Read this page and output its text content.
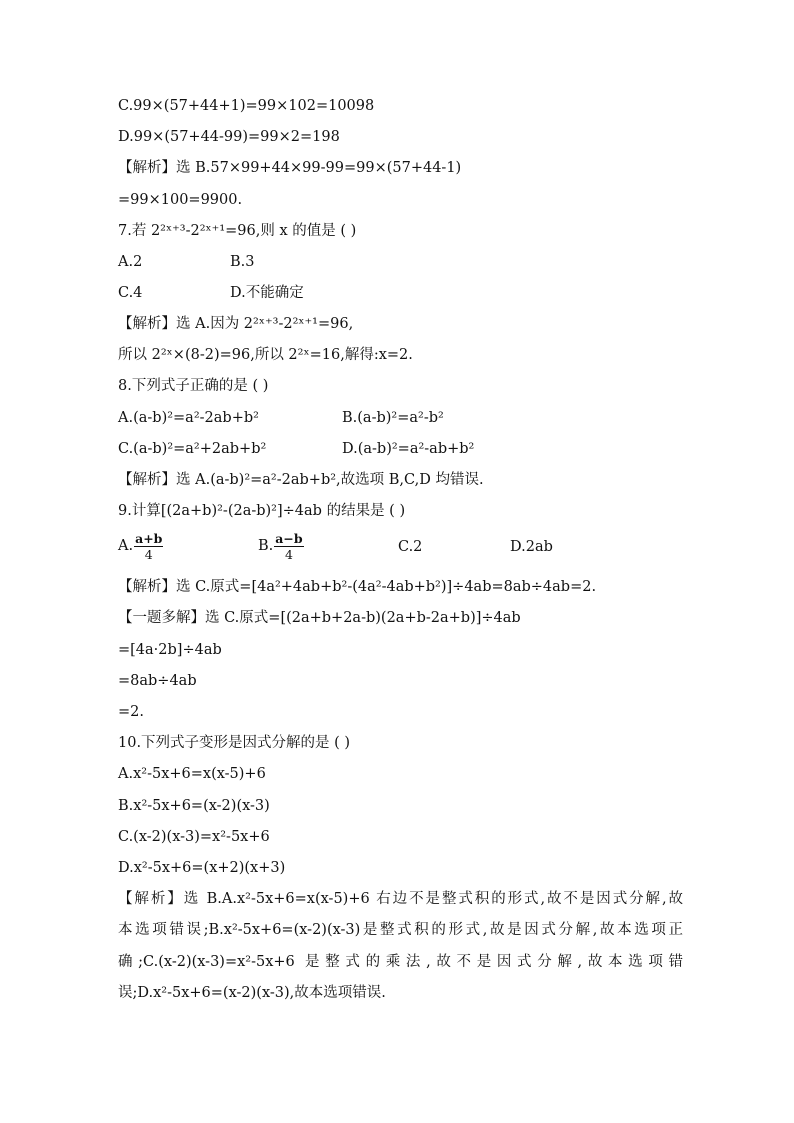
C.99×(57+44+1)=99×102=10098

D.99×(57+44-99)=99×2=198

【解析】选 B.57×99+44×99-99=99×(57+44-1)

=99×100=9900.

7.若 2²ˣ⁺³-2²ˣ⁺¹=96,则 x 的值是 ( )

A.2	B.3
C.4	D.不能确定

【解析】选 A.因为 2²ˣ⁺³-2²ˣ⁺¹=96,

所以 2²ˣ×(8-2)=96,所以 2²ˣ=16,解得:x=2.

8.下列式子正确的是 ( )

A.(a-b)²=a²-2ab+b²	B.(a-b)²=a²-b²
C.(a-b)²=a²+2ab+b²	D.(a-b)²=a²-ab+b²

【解析】选 A.(a-b)²=a²-2ab+b²,故选项 B,C,D 均错误.

9.计算[(2a+b)²-(2a-b)²]÷4ab 的结果是 ( )

A. $\frac{a+b}{4}$	B. $\frac{a-b}{4}$	C.2	D.2ab

【解析】选 C.原式=[4a²+4ab+b²-(4a²-4ab+b²)]÷4ab=8ab÷4ab=2.

【一题多解】选 C.原式=[(2a+b+2a-b)(2a+b-2a+b)]÷4ab

=[4a·2b]÷4ab

=8ab÷4ab

=2.

10.下列式子变形是因式分解的是 ( )

A.x²-5x+6=x(x-5)+6

B.x²-5x+6=(x-2)(x-3)

C.(x-2)(x-3)=x²-5x+6

D.x²-5x+6=(x+2)(x+3)

【解析】选 B.A.x²-5x+6=x(x-5)+6 右边不是整式积的形式,故不是因式分解,故

本选项错误;B.x²-5x+6=(x-2)(x-3)是整式积的形式,故是因式分解,故本选项正

确;C.(x-2)(x-3)=x²-5x+6 是整式的乘法,故不是因式分解,故本选项错

误;D.x²-5x+6=(x-2)(x-3),故本选项错误.
